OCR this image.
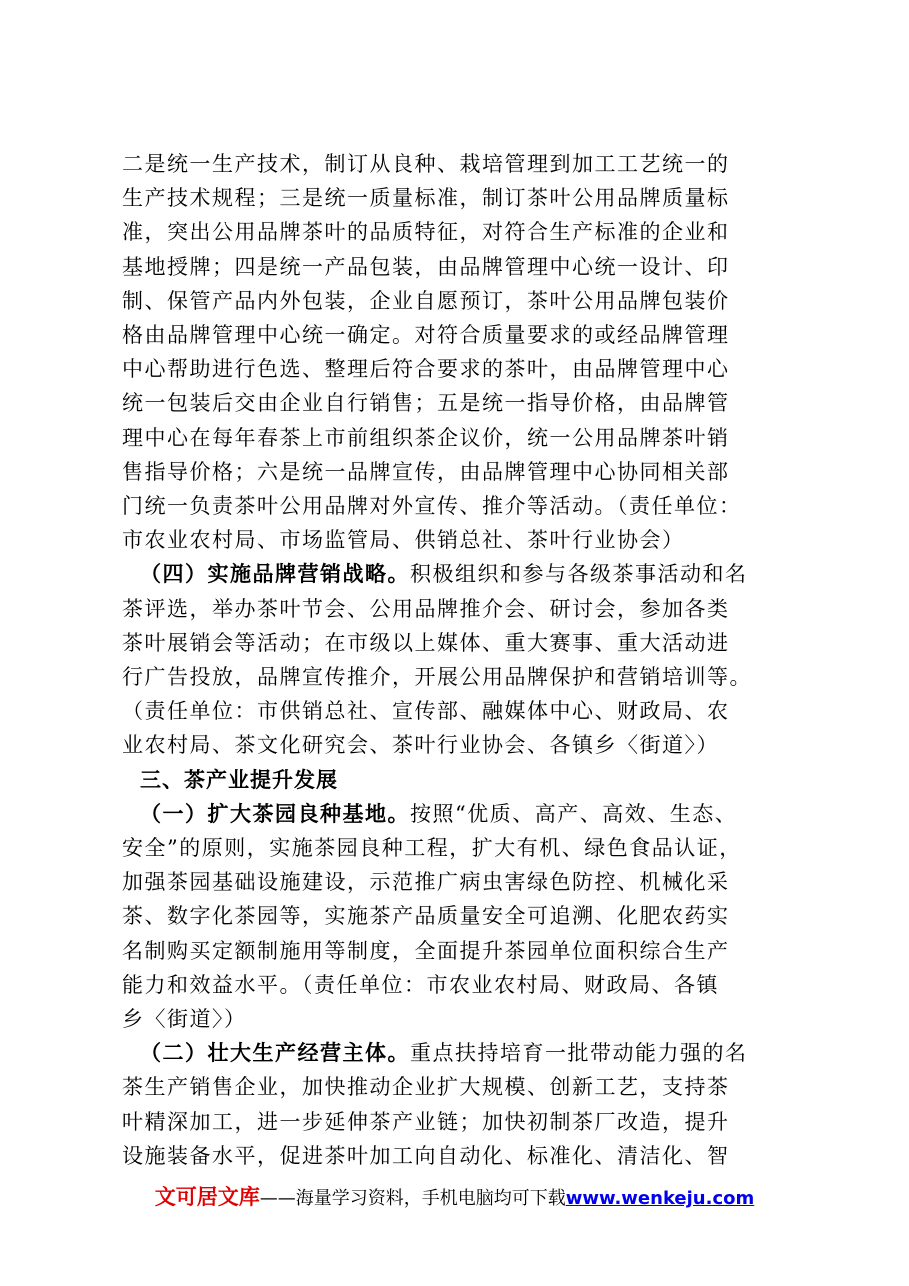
二是统一生产技术，制订从良种、栽培管理到加工工艺统一的
生产技术规程；三是统一质量标准，制订茶叶公用品牌质量标
准，突出公用品牌茶叶的品质特征，对符合生产标准的企业和
基地授牌；四是统一产品包装，由品牌管理中心统一设计、印
制、保管产品内外包装，企业自愿预订，茶叶公用品牌包装价
格由品牌管理中心统一确定。对符合质量要求的或经品牌管理
中心帮助进行色选、整理后符合要求的茶叶，由品牌管理中心
统一包装后交由企业自行销售；五是统一指导价格，由品牌管
理中心在每年春茶上市前组织茶企议价，统一公用品牌茶叶销
售指导价格；六是统一品牌宣传，由品牌管理中心协同相关部
门统一负责茶叶公用品牌对外宣传、推介等活动。（责任单位：
市农业农村局、市场监管局、供销总社、茶叶行业协会）
（四）实施品牌营销战略。积极组织和参与各级茶事活动和名
茶评选，举办茶叶节会、公用品牌推介会、研讨会，参加各类
茶叶展销会等活动；在市级以上媒体、重大赛事、重大活动进
行广告投放，品牌宣传推介，开展公用品牌保护和营销培训等。
（责任单位：市供销总社、宣传部、融媒体中心、财政局、农
业农村局、茶文化研究会、茶叶行业协会、各镇乡〈街道〉）
三、茶产业提升发展
（一）扩大茶园良种基地。按照“优质、高产、高效、生态、
安全”的原则，实施茶园良种工程，扩大有机、绿色食品认证，
加强茶园基础设施建设，示范推广病虫害绿色防控、机械化采
茶、数字化茶园等，实施茶产品质量安全可追溯、化肥农药实
名制购买定额制施用等制度，全面提升茶园单位面积综合生产
能力和效益水平。（责任单位：市农业农村局、财政局、各镇
乡〈街道〉）
（二）壮大生产经营主体。重点扶持培育一批带动能力强的名
茶生产销售企业，加快推动企业扩大规模、创新工艺，支持茶
叶精深加工，进一步延伸茶产业链；加快初制茶厂改造，提升
文可居文库——海量学习资料，手机电脑均可下载www.wenkeju.com
设施装备水平，促进茶叶加工向自动化、标准化、清洁化、智
